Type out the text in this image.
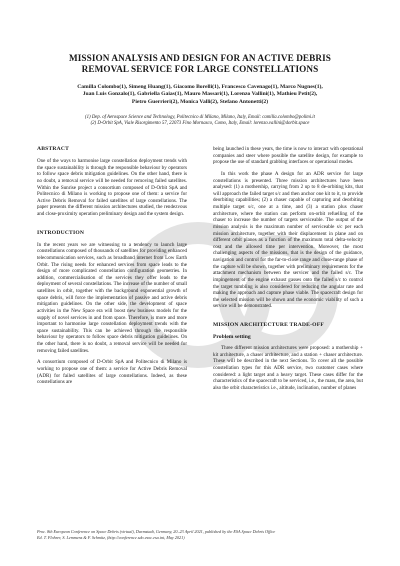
MISSION ANALYSIS AND DESIGN FOR AN ACTIVE DEBRIS
REMOVAL SERVICE FOR LARGE CONSTELLATIONS
Camilla Colombo(1), Simeng Huang(1), Giacomo Borelli(1), Francesco Cavenago(1), Marco Nugnes(1),
Juan Luis Gonzalo(1), Gabriella Gaias(1), Mauro Massari(1), Lorenzo Vallini(1), Mathieu Petit(2),
Pietro Guerrieri(2), Monica Valli(2), Stefano Antonetti(2)
(1) Dep. of Aerospace Science and Technology, Politecnico di Milano, Milano, Italy, Email: camilla.colombo@polimi.it
(2) D-Orbit SpA, Viale Risorgimento 57, 22073 Fino Mornasco, Como, Italy, Email: lorenzo.vallini@dorbit.space
ABSTRACT

One of the ways to harmonise large constellation deployment trends with the space sustainability is through the responsible behaviour by operators to follow space debris mitigation guidelines. On the other hand, there is no doubt, a removal service will be needed for removing failed satellites. Within the Sunrise project a consortium composed of D-Orbit SpA and Politecnico di Milano is working to propose one of them: a service for Active Debris Removal for failed satellites of large constellations. The paper presents the different mission architectures studied, the rendezvous and close-proximity operation preliminary design and the system design.

INTRODUCTION

In the recent years we are witnessing to a tendency to launch large constellations composed of thousands of satellites for providing enhanced telecommunication services, such as broadband internet from Low Earth Orbit. The rising needs for enhanced services from space leads to the design of more complicated constellation configuration geometries. In addition, commercialisation of the services they offer leads to the deployment of several constellations. The increase of the number of small satellites in orbit, together with the background exponential growth of space debris, will force the implementation of passive and active debris mitigation guidelines. On the other side, the development of space activities in the New Space era will boost new business models for the supply of novel services in and from space. Therefore, is more and more important to harmonise large constellation deployment trends with the space sustainability. This can be achieved through the responsible behaviour by operators to follow space debris mitigation guidelines. On the other hand, there is no doubt, a removal service will be needed for removing failed satellites.

A consortium composed of D-Orbit SpA and Politecnico di Milano is working to propose one of them: a service for Active Debris Removal (ADR) for failed satellites of large constellations. Indeed, as these constellations are

being launched in these years, the time is now to interact with operational companies and steer where possible the satellite design, for example to propose the use of standard grabbing interfaces or operational modes.

In this work the phase A design for an ADR service for large constellations is presented. Three mission architectures have been analysed: (1) a mothership, carrying from 2 up to 8 de-orbiting kits, that will approach the failed target s/c and then anchor one kit to it, to provide deorbiting capabilities; (2) a chaser capable of capturing and deorbiting multiple target s/c, one at a time, and (3) a station plus chaser architecture, where the station can perform on-orbit refuelling of the chaser to increase the number of targets serviceable. The output of the mission analysis is the maximum number of serviceable s/c per each mission architecture, together with their displacement in plane and on different orbit planes as a function of the maximum total delta-velocity cost and the allowed time per intervention. Moreover, the most challenging aspects of the missions, that is the design of the guidance, navigation and control for the far-to-close range and close-range phase of the capture will be shown, together with preliminary requirements for the attachment mechanism between the servicer and the failed s/c. The impingement of the engine exhaust gasses onto the failed s/c to control the target tumbling is also considered for reducing the angular rate and making the approach and capture phase viable. The spacecraft design for the selected mission will be shown and the economic viability of such a service will be demonstrated.

MISSION ARCHITECTURE TRADE-OFF
Problem setting

Three different mission architectures were proposed: a mothership + kit architecture, a chaser architecture, and a station + chaser architecture. These will be described in the next Sections. To cover all the possible constellation types for this ADR service, two customer cases where considered: a light target and a heavy target. These cases differ for the characteristics of the spacecraft to be serviced, i.e., the mass, the area, but also the orbit characteristics i.e., altitude, inclination, number of planes

Proc. 8th European Conference on Space Debris (virtual), Darmstadt, Germany, 20–23 April 2021, published by the ESA Space Debris Office
Ed. T. Flohrer, S. Lemmens & F. Schmitz, (http://conference.sdo.esoc.esa.int, May 2021)
